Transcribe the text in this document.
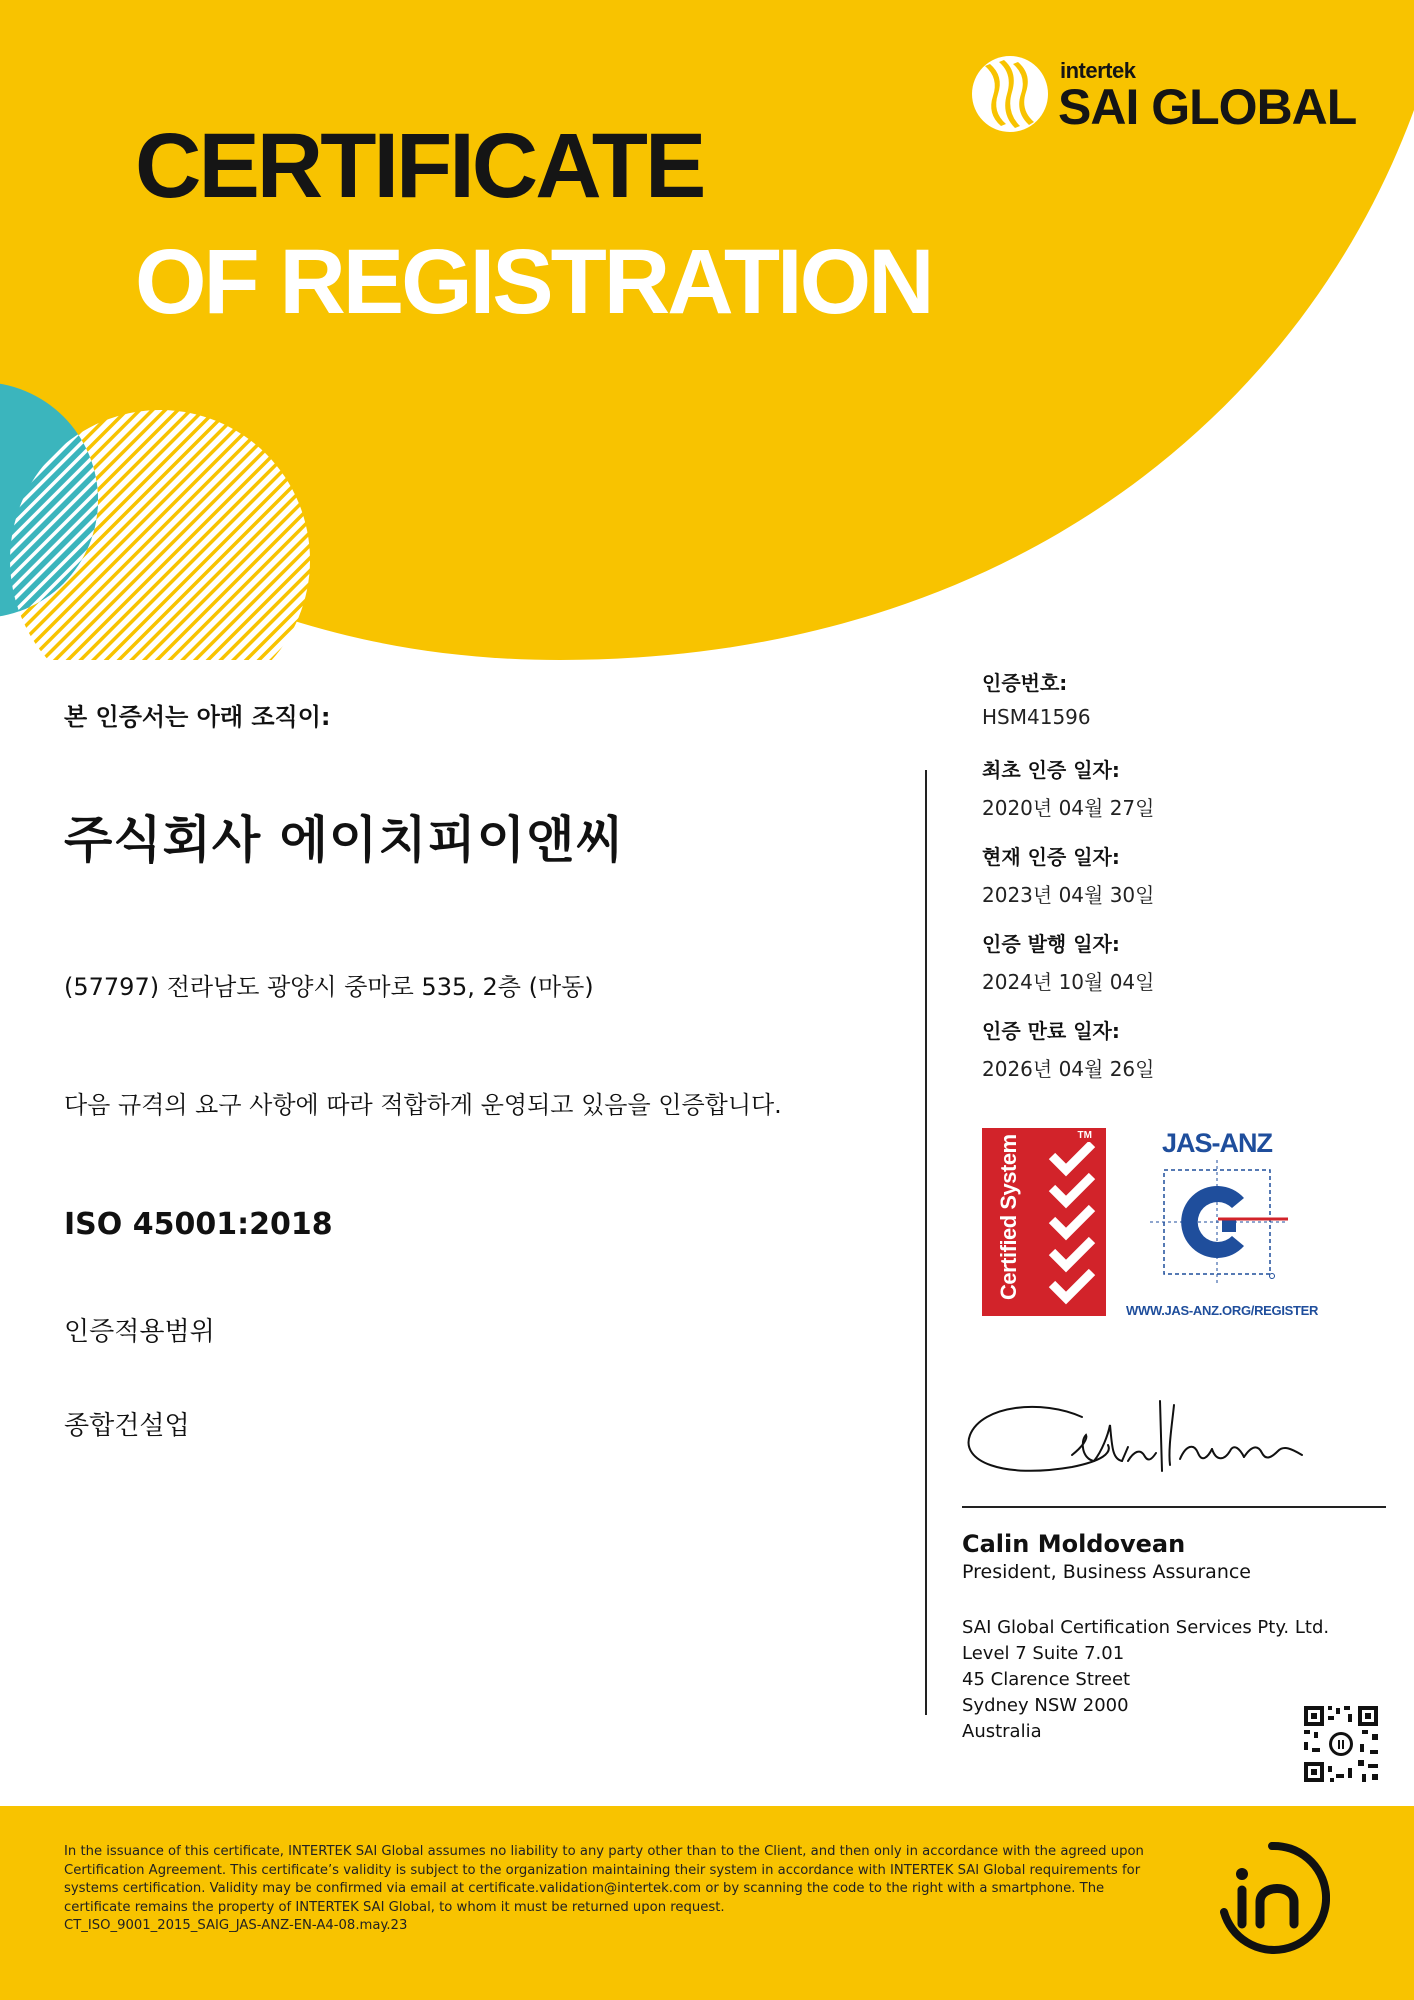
CERTIFICATE
OF REGISTRATION
intertek
SAI GLOBAL
본 인증서는 아래 조직이:
주식회사 에이치피이앤씨
(57797) 전라남도 광양시 중마로 535, 2층 (마동)
다음 규격의 요구 사항에 따라 적합하게 운영되고 있음을 인증합니다.
ISO 45001:2018
인증적용범위
종합건설업
인증번호:
HSM41596
최초 인증 일자:
2020년 04월 27일
현재 인증 일자:
2023년 04월 30일
인증 발행 일자:
2024년 10월 04일
인증 만료 일자:
2026년 04월 26일
Certified System	TM	JAS-ANZ
WWW.JAS-ANZ.ORG/REGISTER
Calin Moldovean
President, Business Assurance
SAI Global Certification Services Pty. Ltd.
Level 7 Suite 7.01
45 Clarence Street
Sydney NSW 2000
Australia
In the issuance of this certificate, INTERTEK SAI Global assumes no liability to any party other than to the Client, and then only in accordance with the agreed upon
Certification Agreement. This certificate’s validity is subject to the organization maintaining their system in accordance with INTERTEK SAI Global requirements for
systems certification. Validity may be confirmed via email at certificate.validation@intertek.com or by scanning the code to the right with a smartphone. The
certificate remains the property of INTERTEK SAI Global, to whom it must be returned upon request.
CT_ISO_9001_2015_SAIG_JAS-ANZ-EN-A4-08.may.23
